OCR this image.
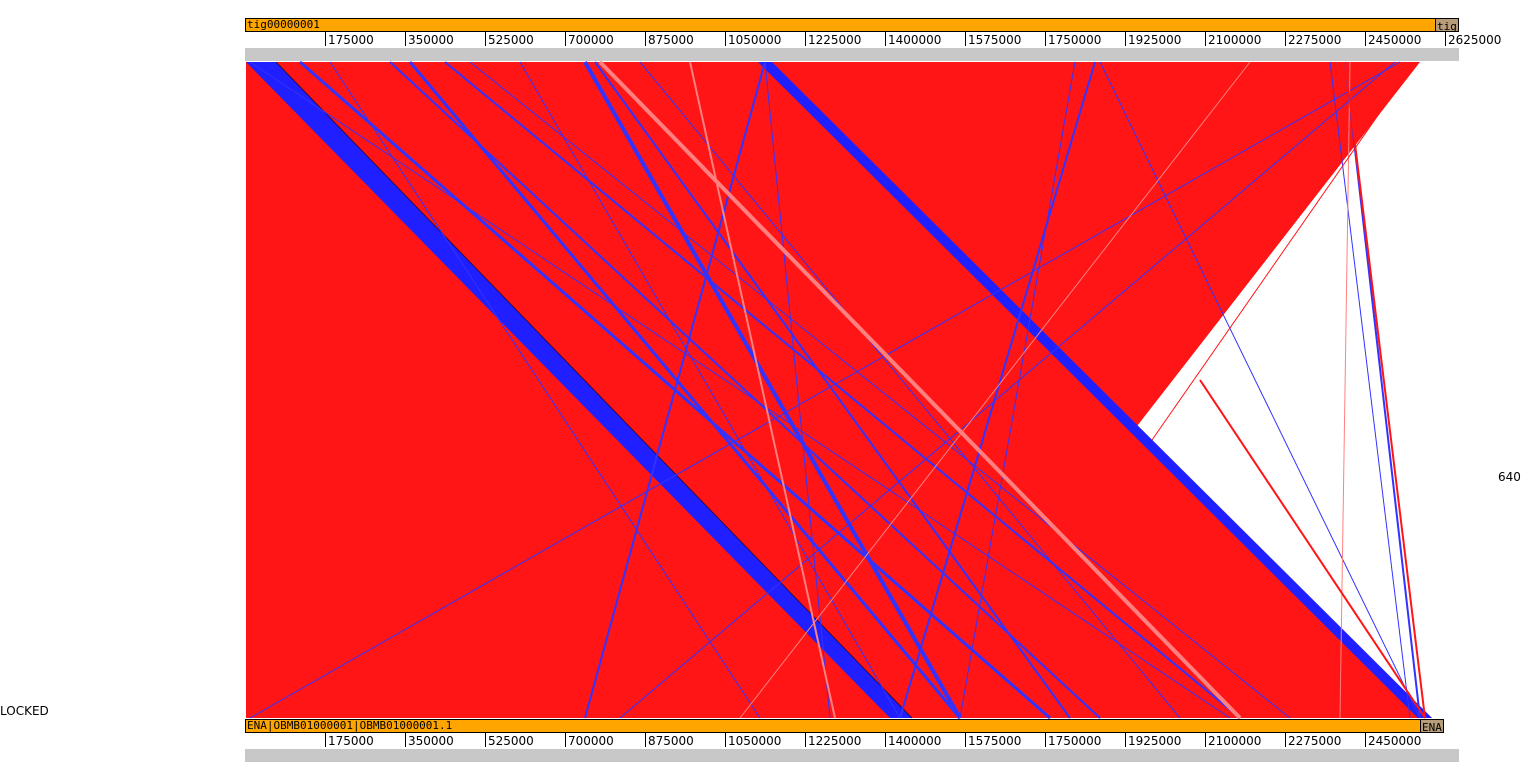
tig00000001	tig
175000	350000	525000	700000	875000	1050000 1225000 1400000 1575000 1750000 1925000 2100000 2275000 2450000 2625000
ENA|OBMB01000001|OBMB01000001.1	ENA
175000	350000	525000	700000	875000	1050000 1225000 1400000 1575000 1750000 1925000 2100000 2275000 2450000
640
LOCKED
